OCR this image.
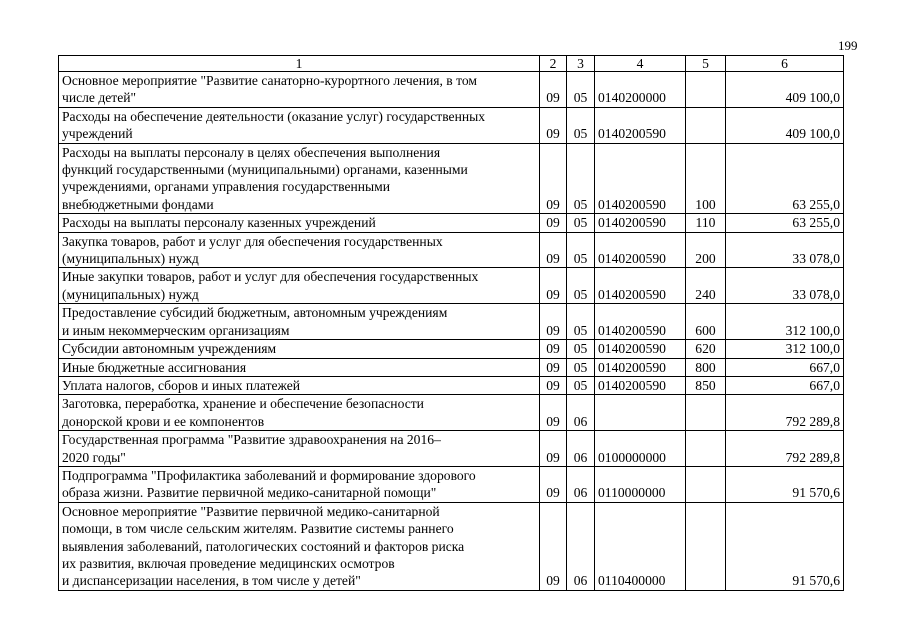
199
1	2	3	4	5	6
Основное мероприятие "Развитие санаторно-курортного лечения, в том
числе детей"	09	05	0140200000		409 100,0
Расходы на обеспечение деятельности (оказание услуг) государственных
учреждений	09	05	0140200590		409 100,0
Расходы на выплаты персоналу в целях обеспечения выполнения
функций государственными (муниципальными) органами, казенными
учреждениями, органами управления государственными
внебюджетными фондами	09	05	0140200590	100	63 255,0
Расходы на выплаты персоналу казенных учреждений	09	05	0140200590	110	63 255,0
Закупка товаров, работ и услуг для обеспечения государственных
(муниципальных) нужд	09	05	0140200590	200	33 078,0
Иные закупки товаров, работ и услуг для обеспечения государственных
(муниципальных) нужд	09	05	0140200590	240	33 078,0
Предоставление субсидий бюджетным, автономным учреждениям
и иным некоммерческим организациям	09	05	0140200590	600	312 100,0
Субсидии автономным учреждениям	09	05	0140200590	620	312 100,0
Иные бюджетные ассигнования	09	05	0140200590	800	667,0
Уплата налогов, сборов и иных платежей	09	05	0140200590	850	667,0
Заготовка, переработка, хранение и обеспечение безопасности
донорской крови и ее компонентов	09	06			792 289,8
Государственная программа "Развитие здравоохранения на 2016–
2020 годы"	09	06	0100000000		792 289,8
Подпрограмма "Профилактика заболеваний и формирование здорового
образа жизни. Развитие первичной медико-санитарной помощи"	09	06	0110000000		91 570,6
Основное мероприятие "Развитие первичной медико-санитарной
помощи, в том числе сельским жителям. Развитие системы раннего
выявления заболеваний, патологических состояний и факторов риска
их развития, включая проведение медицинских осмотров
и диспансеризации населения, в том числе у детей"	09	06	0110400000		91 570,6
